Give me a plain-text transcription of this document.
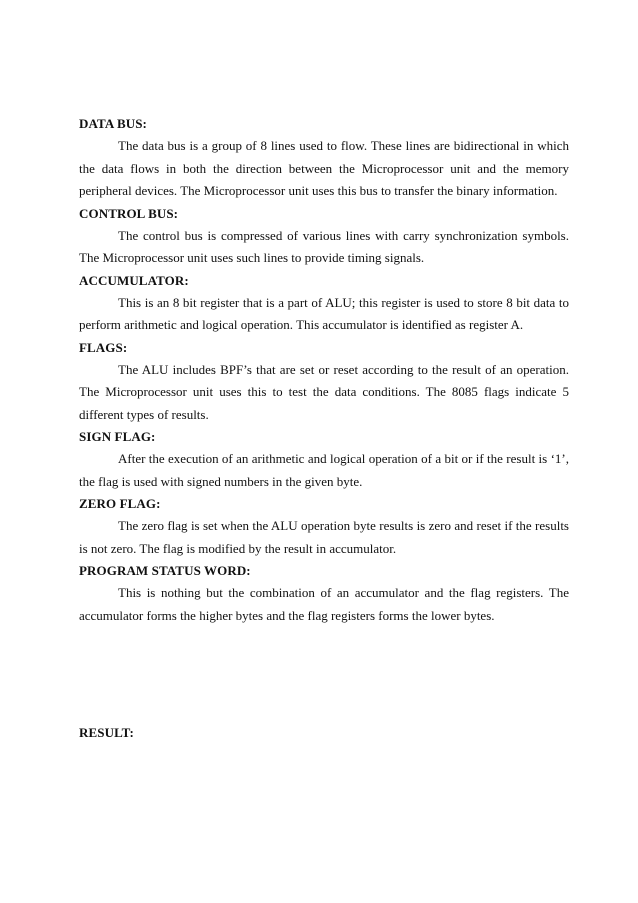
DATA BUS:

The data bus is a group of 8 lines used to flow. These lines are bidirectional in which the data flows in both the direction between the Microprocessor unit and the memory peripheral devices. The Microprocessor unit uses this bus to transfer the binary information.

CONTROL BUS:

The control bus is compressed of various lines with carry synchronization symbols. The Microprocessor unit uses such lines to provide timing signals.

ACCUMULATOR:

This is an 8 bit register that is a part of ALU; this register is used to store 8 bit data to perform arithmetic and logical operation. This accumulator is identified as register A.

FLAGS:

The ALU includes BPF’s that are set or reset according to the result of an operation. The Microprocessor unit uses this to test the data conditions. The 8085 flags indicate 5 different types of results.

SIGN FLAG:

After the execution of an arithmetic and logical operation of a bit or if the result is ‘1’, the flag is used with signed numbers in the given byte.

ZERO FLAG:

The zero flag is set when the ALU operation byte results is zero and reset if the results is not zero. The flag is modified by the result in accumulator.

PROGRAM STATUS WORD:

This is nothing but the combination of an accumulator and the flag registers. The accumulator forms the higher bytes and the flag registers forms the lower bytes.

RESULT:
